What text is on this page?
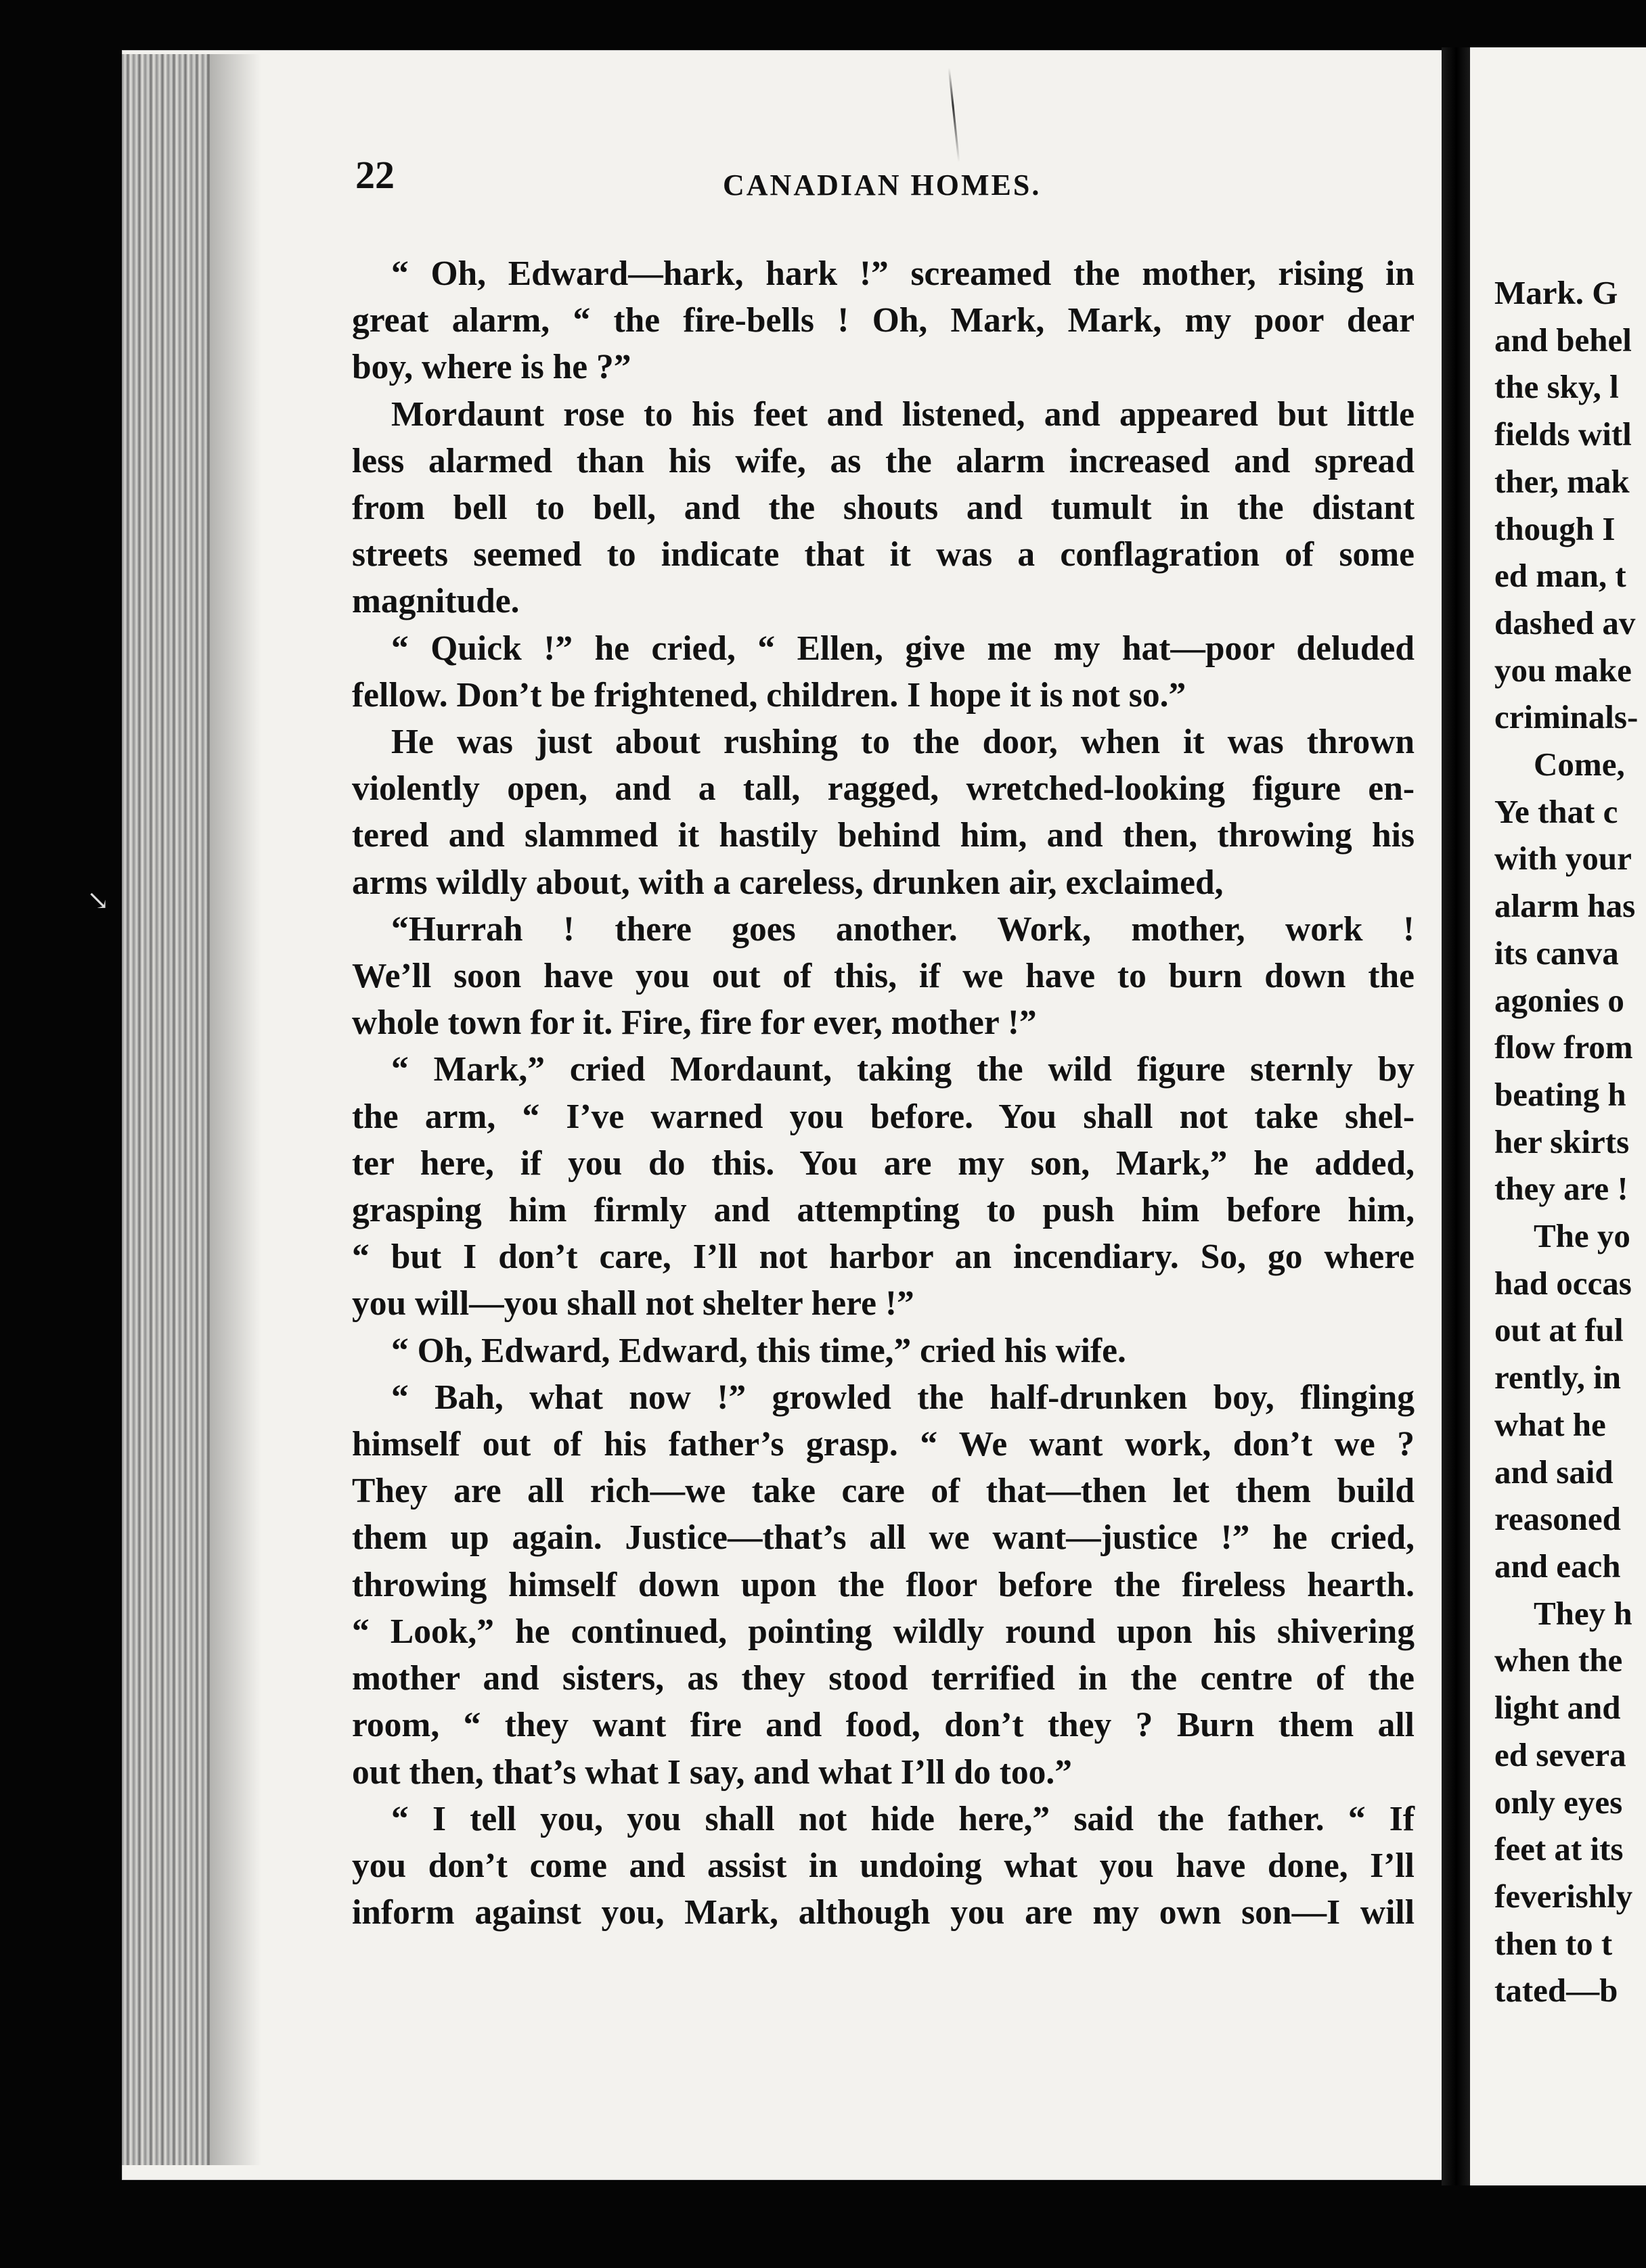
↘
22	CANADIAN HOMES.
“ Oh, Edward—hark, hark !” screamed the mother, rising in
great alarm, “ the fire-bells ! Oh, Mark, Mark, my poor dear
boy, where is he ?”
Mordaunt rose to his feet and listened, and appeared but little
less alarmed than his wife, as the alarm increased and spread
from bell to bell, and the shouts and tumult in the distant
streets seemed to indicate that it was a conflagration of some
magnitude.
“ Quick !” he cried, “ Ellen, give me my hat—poor deluded
fellow. Don’t be frightened, children. I hope it is not so.”
He was just about rushing to the door, when it was thrown
violently open, and a tall, ragged, wretched-looking figure en-
tered and slammed it hastily behind him, and then, throwing his
arms wildly about, with a careless, drunken air, exclaimed,
“Hurrah ! there goes another. Work, mother, work !
We’ll soon have you out of this, if we have to burn down the
whole town for it. Fire, fire for ever, mother !”
“ Mark,” cried Mordaunt, taking the wild figure sternly by
the arm, “ I’ve warned you before. You shall not take shel-
ter here, if you do this. You are my son, Mark,” he added,
grasping him firmly and attempting to push him before him,
“ but I don’t care, I’ll not harbor an incendiary. So, go where
you will—you shall not shelter here !”
“ Oh, Edward, Edward, this time,” cried his wife.
“ Bah, what now !” growled the half-drunken boy, flinging
himself out of his father’s grasp. “ We want work, don’t we ?
They are all rich—we take care of that—then let them build
them up again. Justice—that’s all we want—justice !” he cried,
throwing himself down upon the floor before the fireless hearth.
“ Look,” he continued, pointing wildly round upon his shivering
mother and sisters, as they stood terrified in the centre of the
room, “ they want fire and food, don’t they ? Burn them all
out then, that’s what I say, and what I’ll do too.”
“ I tell you, you shall not hide here,” said the father. “ If
you don’t come and assist in undoing what you have done, I’ll
inform against you, Mark, although you are my own son—I will
Mark. G
and behel
the sky, l
fields witl
ther, mak
though I
ed man, t
dashed av
you make
criminals-
Come,
Ye that c
with your
alarm has
its canva
agonies o
flow from
beating h
her skirts
they are !
The yo
had occas
out at ful
rently, in
what he
and said
reasoned
and each
They h
when the
light and
ed severa
only eyes
feet at its
feverishly
then to t
tated—b
